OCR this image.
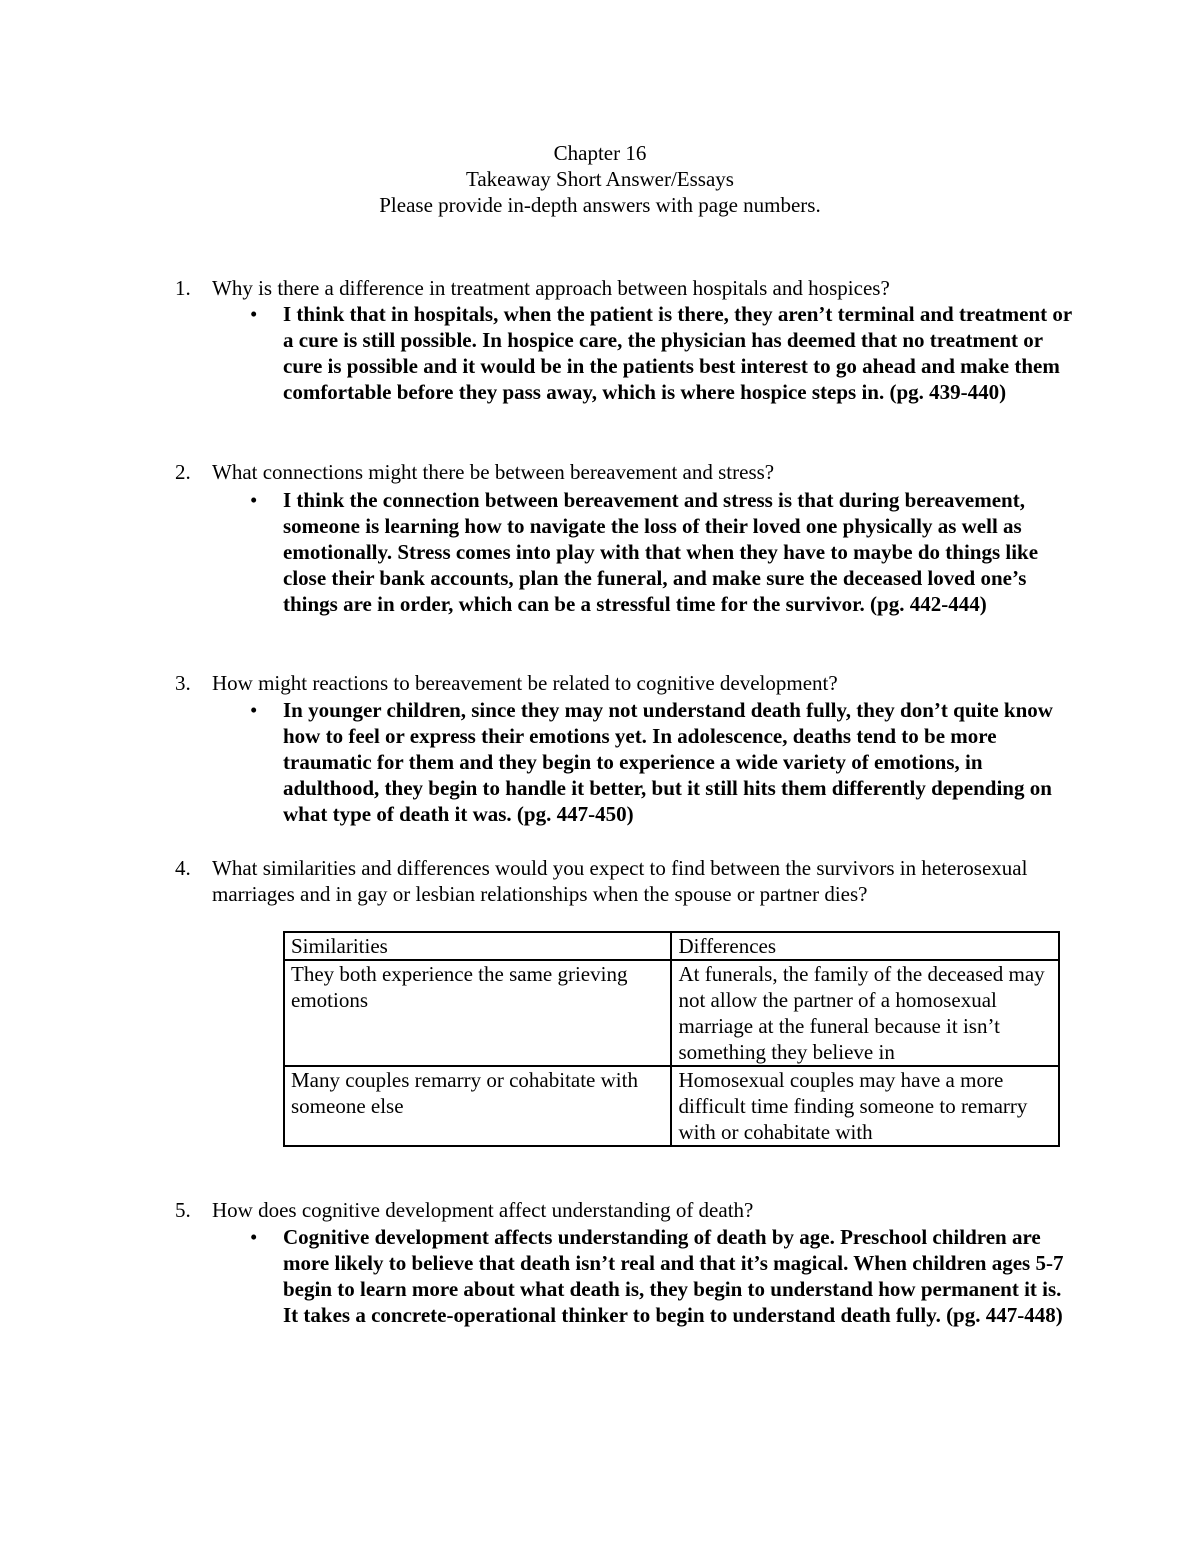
Chapter 16
Takeaway Short Answer/Essays
Please provide in-depth answers with page numbers.
1. Why is there a difference in treatment approach between hospitals and hospices?
• I think that in hospitals, when the patient is there, they aren’t terminal and treatment or a cure is still possible. In hospice care, the physician has deemed that no treatment or cure is possible and it would be in the patients best interest to go ahead and make them comfortable before they pass away, which is where hospice steps in. (pg. 439-440)
2. What connections might there be between bereavement and stress?
• I think the connection between bereavement and stress is that during bereavement, someone is learning how to navigate the loss of their loved one physically as well as emotionally. Stress comes into play with that when they have to maybe do things like close their bank accounts, plan the funeral, and make sure the deceased loved one’s things are in order, which can be a stressful time for the survivor. (pg. 442-444)
3. How might reactions to bereavement be related to cognitive development?
• In younger children, since they may not understand death fully, they don’t quite know how to feel or express their emotions yet. In adolescence, deaths tend to be more traumatic for them and they begin to experience a wide variety of emotions, in adulthood, they begin to handle it better, but it still hits them differently depending on what type of death it was. (pg. 447-450)
4. What similarities and differences would you expect to find between the survivors in heterosexual marriages and in gay or lesbian relationships when the spouse or partner dies?
Similarities	Differences
They both experience the same grieving emotions	At funerals, the family of the deceased may not allow the partner of a homosexual marriage at the funeral because it isn’t something they believe in
Many couples remarry or cohabitate with someone else	Homosexual couples may have a more difficult time finding someone to remarry with or cohabitate with
5. How does cognitive development affect understanding of death?
• Cognitive development affects understanding of death by age. Preschool children are more likely to believe that death isn’t real and that it’s magical. When children ages 5-7 begin to learn more about what death is, they begin to understand how permanent it is. It takes a concrete-operational thinker to begin to understand death fully. (pg. 447-448)
